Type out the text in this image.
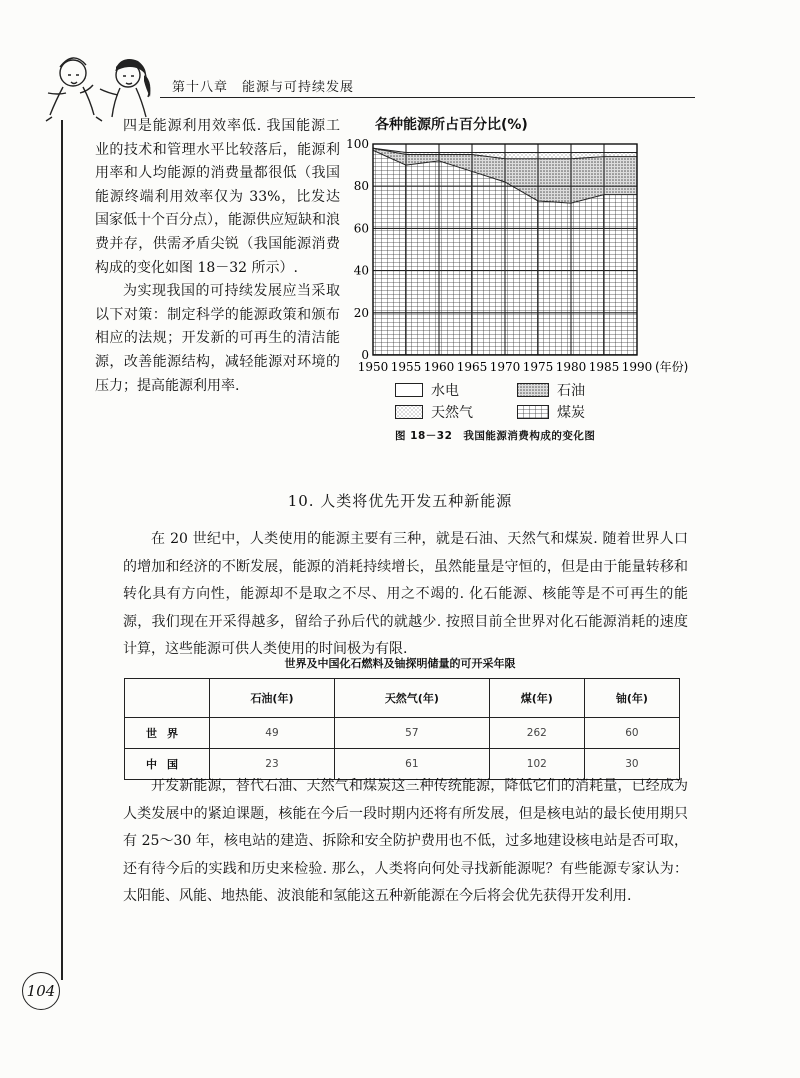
第十八章　能源与可持续发展

四是能源利用效率低. 我国能源工业的技术和管理水平比较落后，能源利用率和人均能源的消费量都很低（我国能源终端利用效率仅为 33%，比发达国家低十个百分点），能源供应短缺和浪费并存，供需矛盾尖锐（我国能源消费构成的变化如图 18－32 所示）.

为实现我国的可持续发展应当采取以下对策：制定科学的能源政策和颁布相应的法规；开发新的可再生的清洁能源，改善能源结构，减轻能源对环境的压力；提高能源利用率.

各种能源所占百分比(%)
0
20
40
60
80
100
1950 1955 1960 1965 1970 1975 1980 1985 1990 (年份)
水电	石油
天然气	煤炭
图 18－32　我国能源消费构成的变化图
10. 人类将优先开发五种新能源

在 20 世纪中，人类使用的能源主要有三种，就是石油、天然气和煤炭. 随着世界人口的增加和经济的不断发展，能源的消耗持续增长，虽然能量是守恒的，但是由于能量转移和转化具有方向性，能源却不是取之不尽、用之不竭的. 化石能源、核能等是不可再生的能源，我们现在开采得越多，留给子孙后代的就越少. 按照目前全世界对化石能源消耗的速度计算，这些能源可供人类使用的时间极为有限.

世界及中国化石燃料及铀探明储量的可开采年限
	石油(年)	天然气(年)	煤(年)	铀(年)
世界	49	57	262	60
中国	23	61	102	30

开发新能源，替代石油、天然气和煤炭这三种传统能源，降低它们的消耗量，已经成为人类发展中的紧迫课题，核能在今后一段时期内还将有所发展，但是核电站的最长使用期只有 25～30 年，核电站的建造、拆除和安全防护费用也不低，过多地建设核电站是否可取，还有待今后的实践和历史来检验. 那么，人类将向何处寻找新能源呢？有些能源专家认为：太阳能、风能、地热能、波浪能和氢能这五种新能源在今后将会优先获得开发利用.

104
